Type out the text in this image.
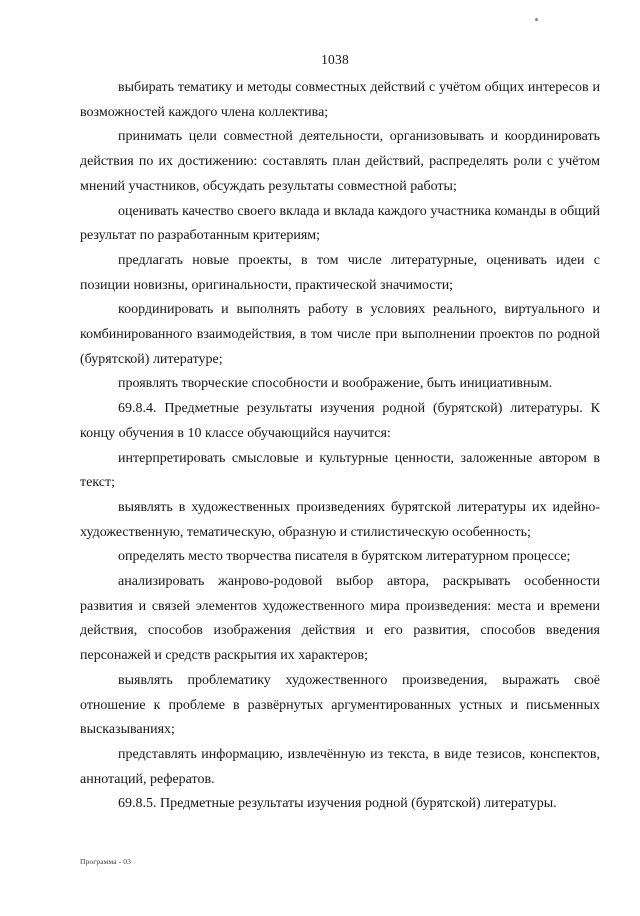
1038

выбирать тематику и методы совместных действий с учётом общих интересов и возможностей каждого члена коллектива;

принимать цели совместной деятельности, организовывать и координировать действия по их достижению: составлять план действий, распределять роли с учётом мнений участников, обсуждать результаты совместной работы;

оценивать качество своего вклада и вклада каждого участника команды в общий результат по разработанным критериям;

предлагать новые проекты, в том числе литературные, оценивать идеи с позиции новизны, оригинальности, практической значимости;

координировать и выполнять работу в условиях реального, виртуального и комбинированного взаимодействия, в том числе при выполнении проектов по родной (бурятской) литературе;

проявлять творческие способности и воображение, быть инициативным.

69.8.4. Предметные результаты изучения родной (бурятской) литературы. К концу обучения в 10 классе обучающийся научится:

интерпретировать смысловые и культурные ценности, заложенные автором в текст;

выявлять в художественных произведениях бурятской литературы их идейно-художественную, тематическую, образную и стилистическую особенность;

определять место творчества писателя в бурятском литературном процессе;

анализировать жанрово-родовой выбор автора, раскрывать особенности развития и связей элементов художественного мира произведения: места и времени действия, способов изображения действия и его развития, способов введения персонажей и средств раскрытия их характеров;

выявлять проблематику художественного произведения, выражать своё отношение к проблеме в развёрнутых аргументированных устных и письменных высказываниях;

представлять информацию, извлечённую из текста, в виде тезисов, конспектов, аннотаций, рефератов.

69.8.5. Предметные результаты изучения родной (бурятской) литературы.

Программа - 03
